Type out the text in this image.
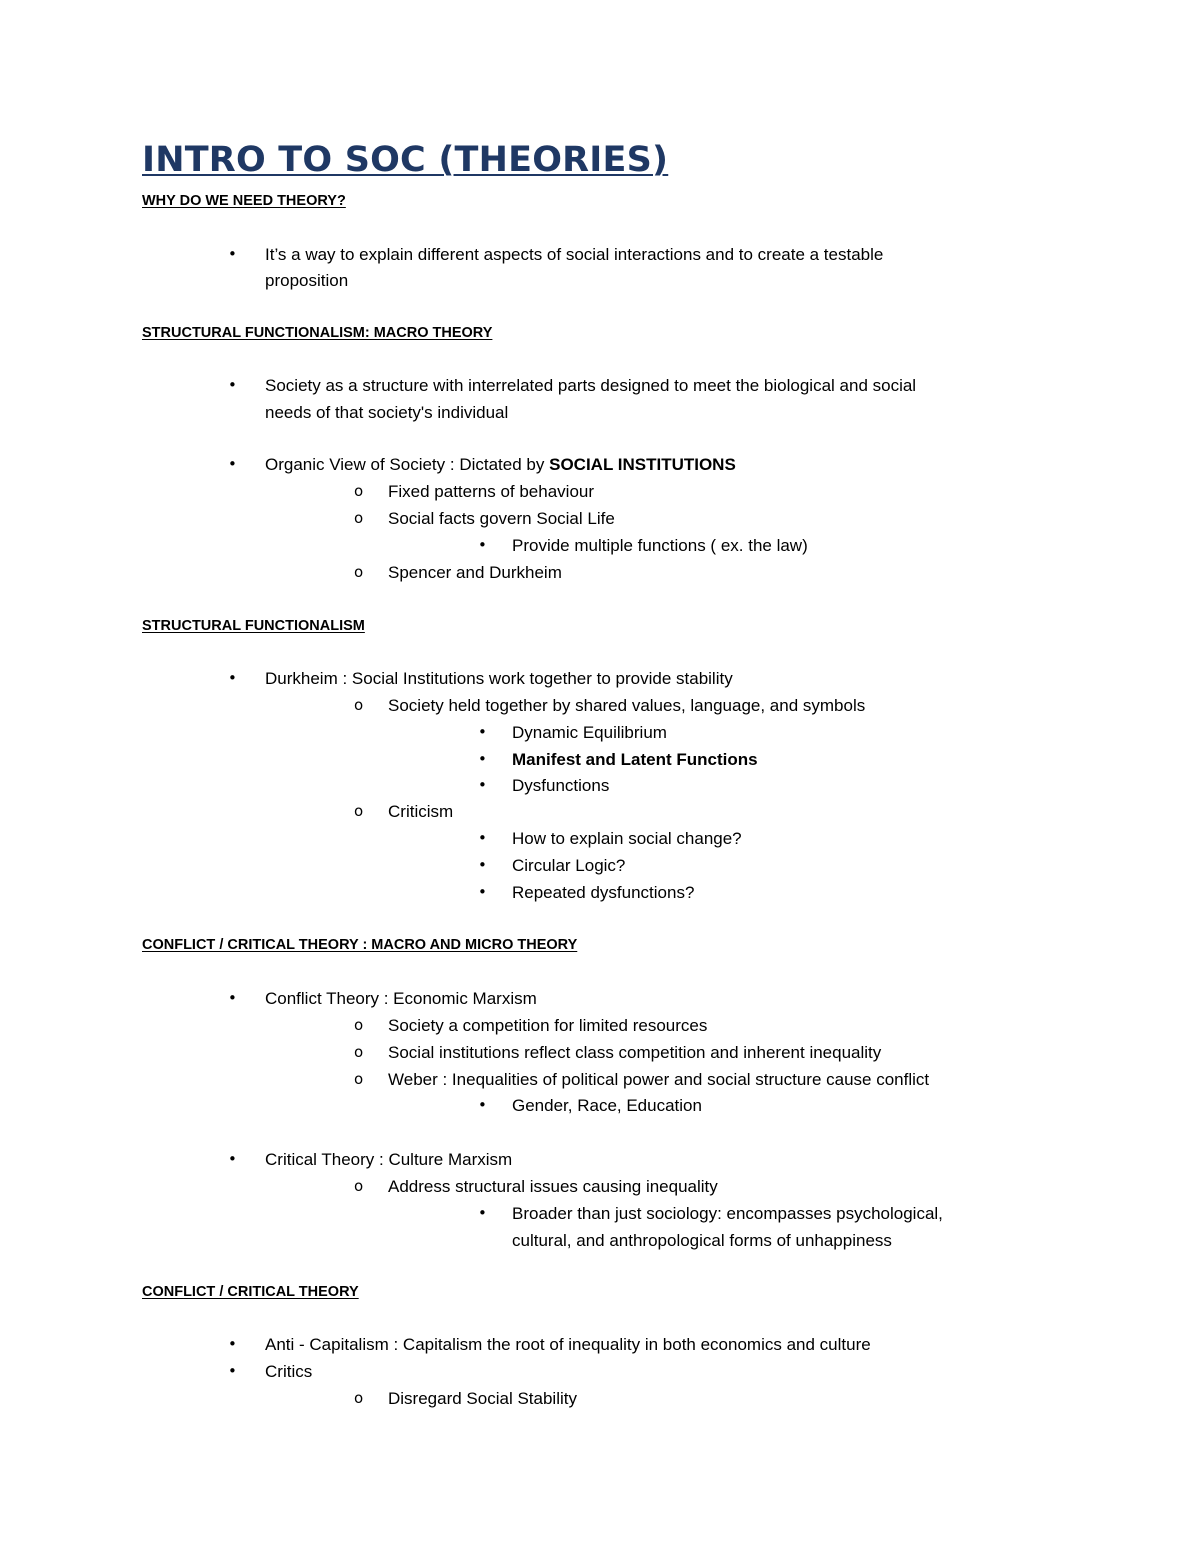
INTRO TO SOC (THEORIES)
WHY DO WE NEED THEORY?
• It’s a way to explain different aspects of social interactions and to create a testable
proposition
STRUCTURAL FUNCTIONALISM: MACRO THEORY
• Society as a structure with interrelated parts designed to meet the biological and social
needs of that society's individual
• Organic View of Society : Dictated by SOCIAL INSTITUTIONS
o Fixed patterns of behaviour
o Social facts govern Social Life
• Provide multiple functions ( ex. the law)
o Spencer and Durkheim
STRUCTURAL FUNCTIONALISM
• Durkheim : Social Institutions work together to provide stability
o Society held together by shared values, language, and symbols
• Dynamic Equilibrium
• Manifest and Latent Functions
• Dysfunctions
o Criticism
• How to explain social change?
• Circular Logic?
• Repeated dysfunctions?
CONFLICT / CRITICAL THEORY : MACRO AND MICRO THEORY
• Conflict Theory : Economic Marxism
o Society a competition for limited resources
o Social institutions reflect class competition and inherent inequality
o Weber : Inequalities of political power and social structure cause conflict
• Gender, Race, Education
• Critical Theory : Culture Marxism
o Address structural issues causing inequality
• Broader than just sociology: encompasses psychological,
cultural, and anthropological forms of unhappiness
CONFLICT / CRITICAL THEORY
• Anti - Capitalism : Capitalism the root of inequality in both economics and culture
• Critics
o Disregard Social Stability
